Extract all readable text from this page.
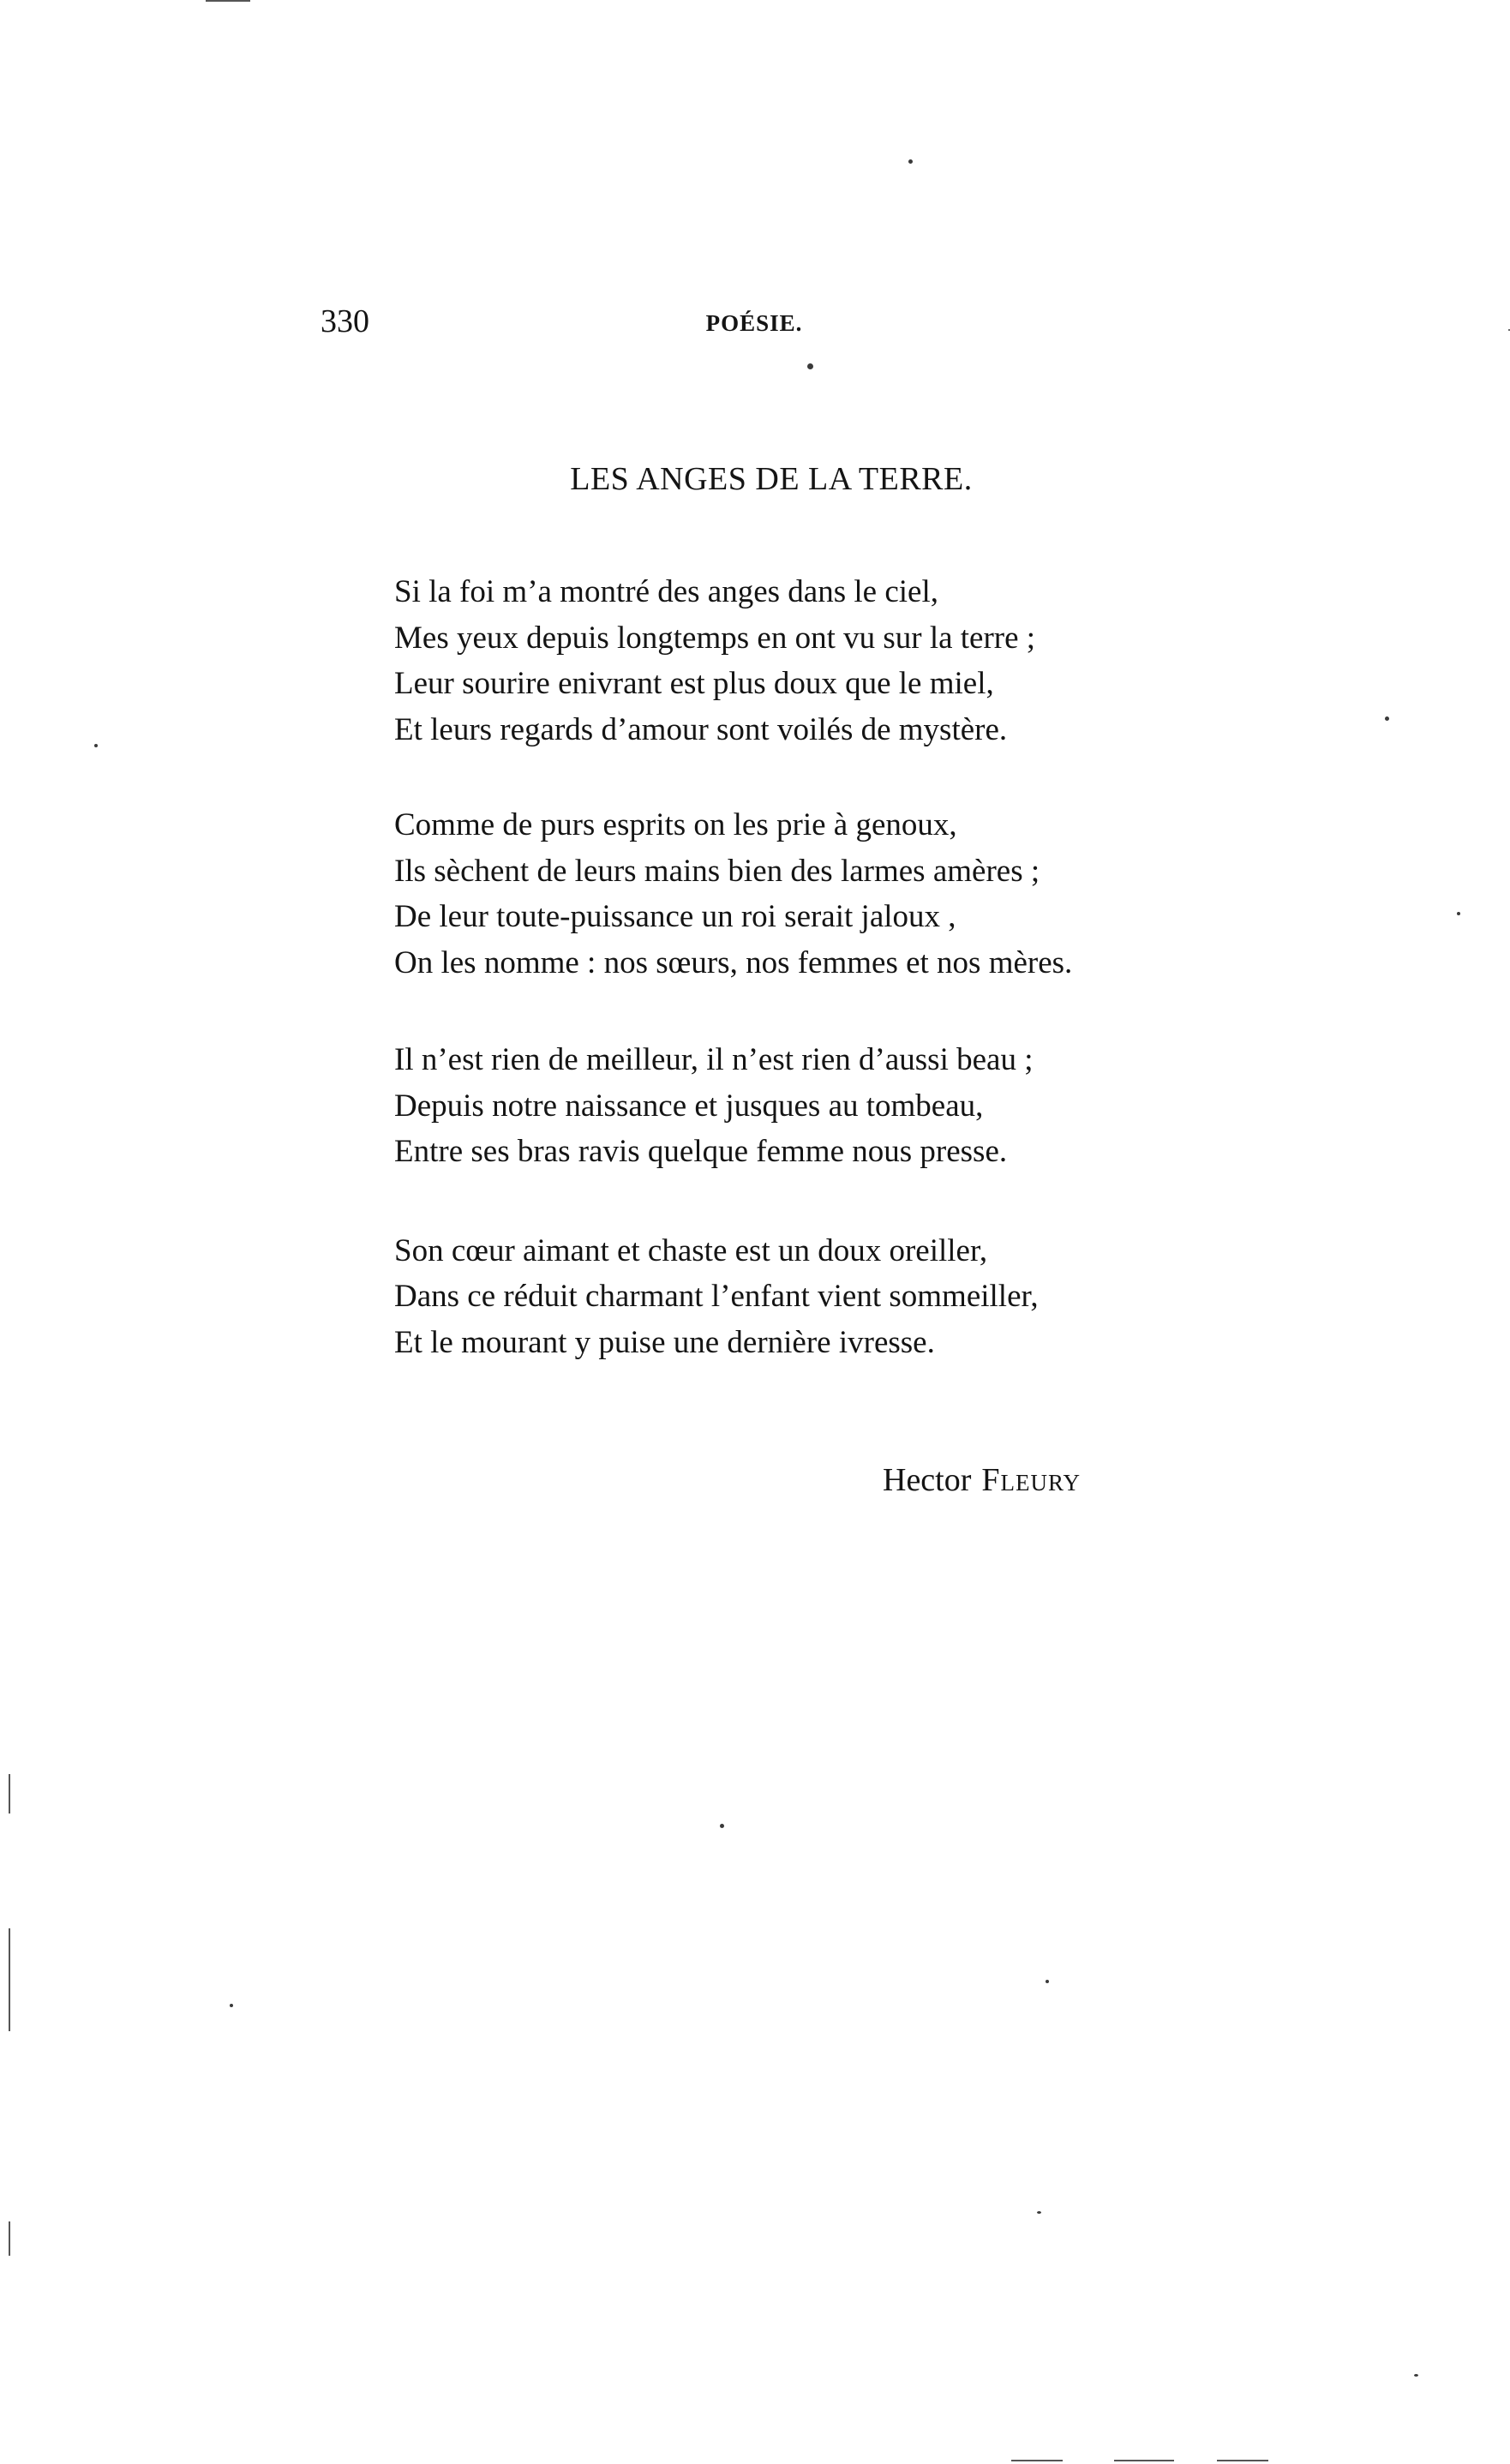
330	POÉSIE.
LES ANGES DE LA TERRE.
Si la foi m’a montré des anges dans le ciel,
Mes yeux depuis longtemps en ont vu sur la terre ;
Leur sourire enivrant est plus doux que le miel,
Et leurs regards d’amour sont voilés de mystère.
Comme de purs esprits on les prie à genoux,
Ils sèchent de leurs mains bien des larmes amères ;
De leur toute-puissance un roi serait jaloux ,
On les nomme : nos sœurs, nos femmes et nos mères.
Il n’est rien de meilleur, il n’est rien d’aussi beau ;
Depuis notre naissance et jusques au tombeau,
Entre ses bras ravis quelque femme nous presse.
Son cœur aimant et chaste est un doux oreiller,
Dans ce réduit charmant l’enfant vient sommeiller,
Et le mourant y puise une dernière ivresse.
Hector Fleury
